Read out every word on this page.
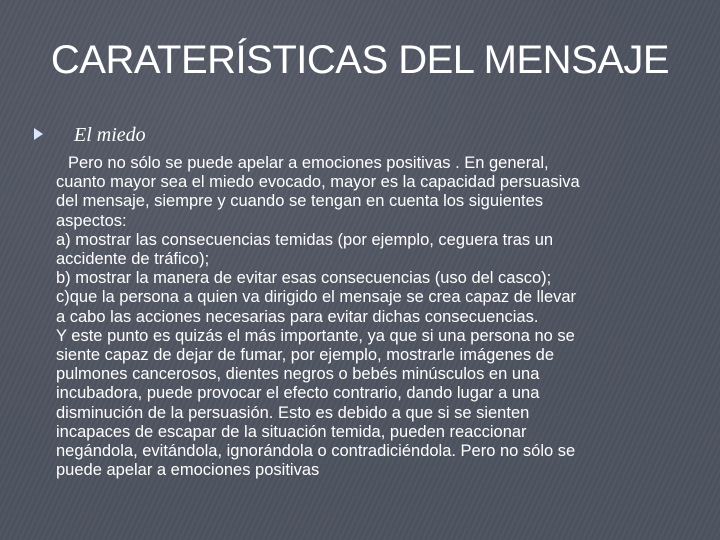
CARATERÍSTICAS DEL MENSAJE
El miedo
Pero no sólo se puede apelar a emociones positivas . En general,
cuanto mayor sea el miedo evocado, mayor es la capacidad persuasiva
del mensaje, siempre y cuando se tengan en cuenta los siguientes
aspectos:
a) mostrar las consecuencias temidas (por ejemplo, ceguera tras un
accidente de tráfico);
b) mostrar la manera de evitar esas consecuencias (uso del casco);
c)que la persona a quien va dirigido el mensaje se crea capaz de llevar
a cabo las acciones necesarias para evitar dichas consecuencias.
Y este punto es quizás el más importante, ya que si una persona no se
siente capaz de dejar de fumar, por ejemplo, mostrarle imágenes de
pulmones cancerosos, dientes negros o bebés minúsculos en una
incubadora, puede provocar el efecto contrario, dando lugar a una
disminución de la persuasión. Esto es debido a que si se sienten
incapaces de escapar de la situación temida, pueden reaccionar
negándola, evitándola, ignorándola o contradiciéndola. Pero no sólo se
puede apelar a emociones positivas
